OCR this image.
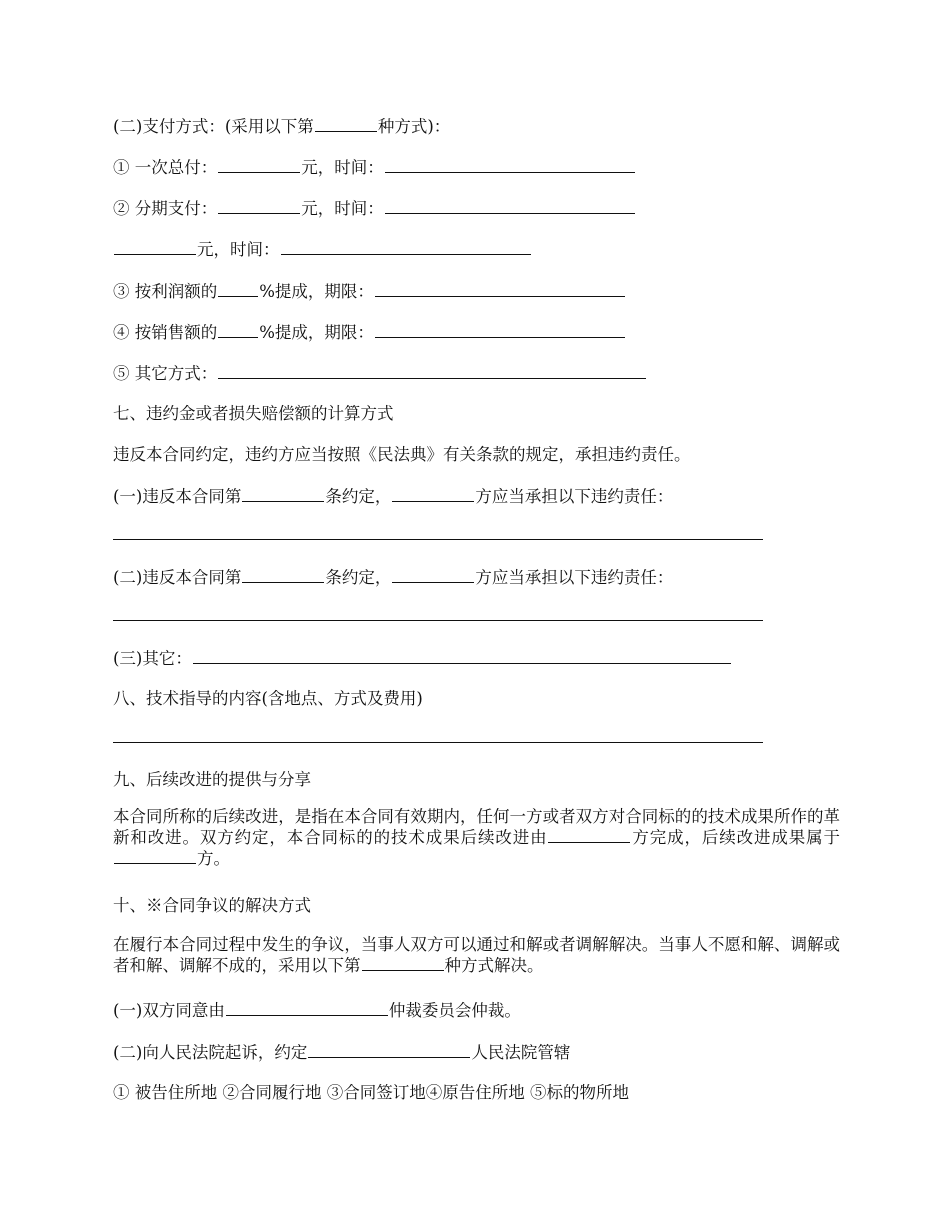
(二)支付方式：(采用以下第	种方式)：

① 一次总付：	元，时间：

② 分期支付：	元，时间：

元，时间：

③ 按利润额的	%提成，期限：

④ 按销售额的	%提成，期限：

⑤ 其它方式：

七、违约金或者损失赔偿额的计算方式

违反本合同约定，违约方应当按照《民法典》有关条款的规定，承担违约责任。

(一)违反本合同第	条约定，	方应当承担以下违约责任：

(二)违反本合同第	条约定，	方应当承担以下违约责任：

(三)其它：

八、技术指导的内容(含地点、方式及费用)

九、后续改进的提供与分享

本合同所称的后续改进，是指在本合同有效期内，任何一方或者双方对合同标的的技术成果所作的革新和改进。双方约定，本合同标的的技术成果后续改进由	方完成，后续改进成果属于方。

十、※合同争议的解决方式

在履行本合同过程中发生的争议，当事人双方可以通过和解或者调解解决。当事人不愿和解、调解或者和解、调解不成的，采用以下第	种方式解决。

(一)双方同意由	仲裁委员会仲裁。

(二)向人民法院起诉，约定	人民法院管辖

① 被告住所地 ②合同履行地 ③合同签订地④原告住所地 ⑤标的物所地
